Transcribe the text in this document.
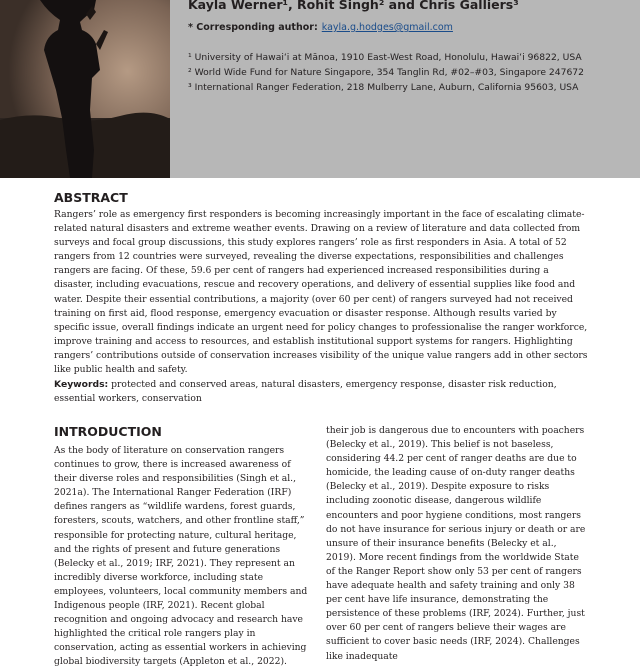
Kayla Werner¹, Rohit Singh² and Chris Galliers³
* Corresponding author: kayla.g.hodges@gmail.com
¹ University of Hawaiʻi at Mānoa, 1910 East-West Road, Honolulu, Hawaiʻi 96822, USA
² World Wide Fund for Nature Singapore, 354 Tanglin Rd, #02–#03, Singapore 247672
³ International Ranger Federation, 218 Mulberry Lane, Auburn, California 95603, USA
ABSTRACT

Rangers’ role as emergency first responders is becoming increasingly important in the face of escalating climate-related natural disasters and extreme weather events. Drawing on a review of literature and data collected from surveys and focal group discussions, this study explores rangers’ role as first responders in Asia. A total of 52 rangers from 12 countries were surveyed, revealing the diverse expectations, responsibilities and challenges rangers are facing. Of these, 59.6 per cent of rangers had experienced increased responsibilities during a disaster, including evacuations, rescue and recovery operations, and delivery of essential supplies like food and water. Despite their essential contributions, a majority (over 60 per cent) of rangers surveyed had not received training on first aid, flood response, emergency evacuation or disaster response. Although results varied by specific issue, overall findings indicate an urgent need for policy changes to professionalise the ranger workforce, improve training and access to resources, and establish institutional support systems for rangers. Highlighting rangers’ contributions outside of conservation increases visibility of the unique value rangers add in other sectors like public health and safety.

Keywords: protected and conserved areas, natural disasters, emergency response, disaster risk reduction, essential workers, conservation

INTRODUCTION

As the body of literature on conservation rangers continues to grow, there is increased awareness of their diverse roles and responsibilities (Singh et al., 2021a). The International Ranger Federation (IRF) defines rangers as “wildlife wardens, forest guards, foresters, scouts, watchers, and other frontline staff,” responsible for protecting nature, cultural heritage, and the rights of present and future generations (Belecky et al., 2019; IRF, 2021). They represent an incredibly diverse workforce, including state employees, volunteers, local community members and Indigenous people (IRF, 2021). Recent global recognition and ongoing advocacy and research have highlighted the critical role rangers play in conservation, acting as essential workers in achieving global biodiversity targets (Appleton et al., 2022).

their job is dangerous due to encounters with poachers (Belecky et al., 2019). This belief is not baseless, considering 44.2 per cent of ranger deaths are due to homicide, the leading cause of on-duty ranger deaths (Belecky et al., 2019). Despite exposure to risks including zoonotic disease, dangerous wildlife encounters and poor hygiene conditions, most rangers do not have insurance for serious injury or death or are unsure of their insurance benefits (Belecky et al., 2019). More recent findings from the worldwide State of the Ranger Report show only 53 per cent of rangers have adequate health and safety training and only 38 per cent have life insurance, demonstrating the persistence of these problems (IRF, 2024). Further, just over 60 per cent of rangers believe their wages are sufficient to cover basic needs (IRF, 2024). Challenges like inadequate
